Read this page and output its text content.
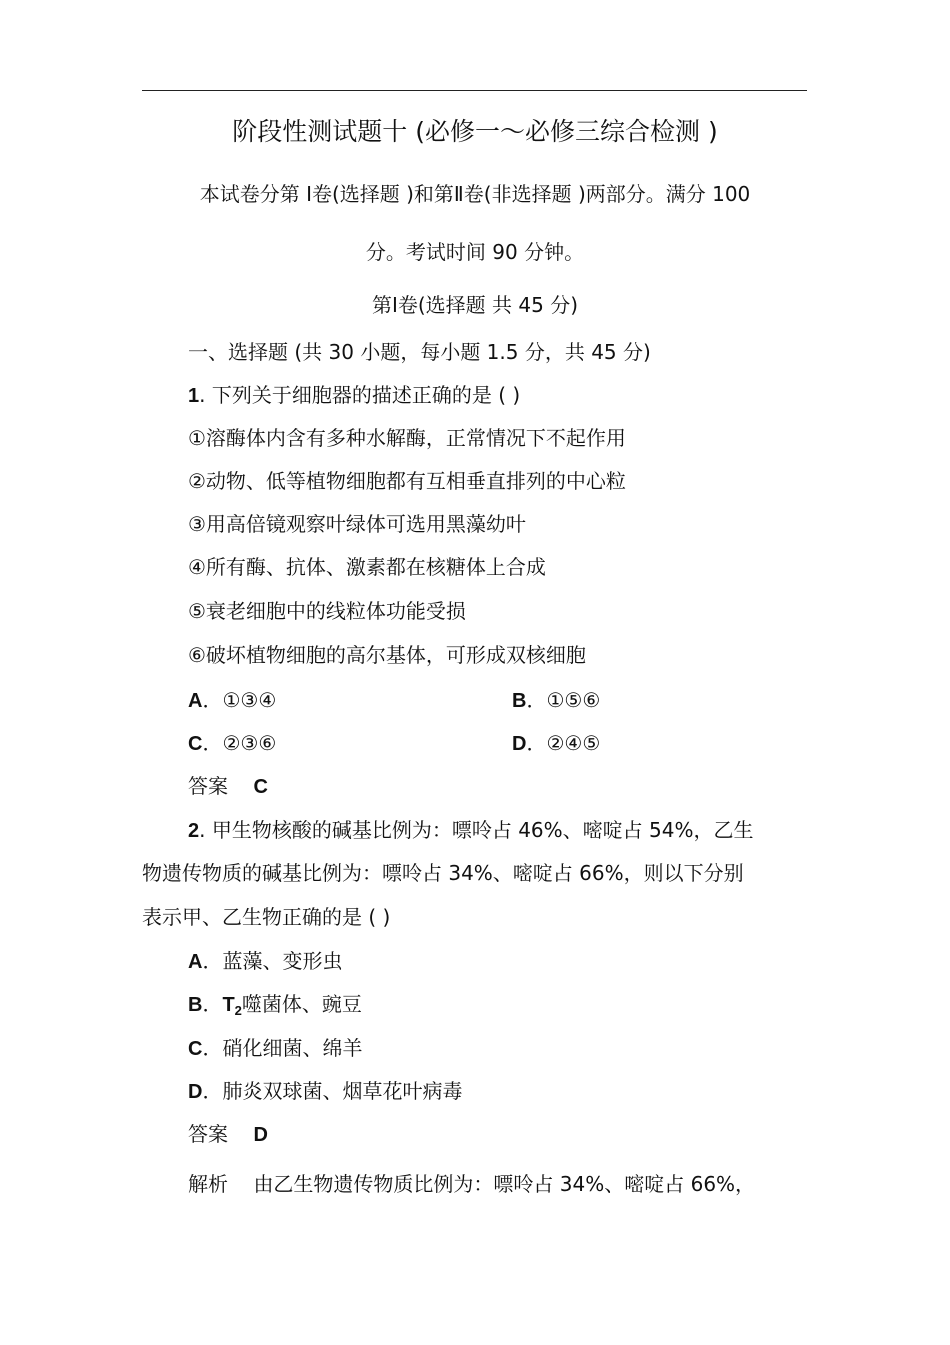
阶段性测试题十 (必修一～必修三综合检测 )
本试卷分第 Ⅰ卷(选择题 )和第Ⅱ卷(非选择题 )两部分。满分 100
分。考试时间 90 分钟。
第Ⅰ卷(选择题 共 45 分)
一、选择题 (共 30 小题，每小题 1.5 分，共 45 分)
1. 下列关于细胞器的描述正确的是 ( )
①溶酶体内含有多种水解酶，正常情况下不起作用
②动物、低等植物细胞都有互相垂直排列的中心粒
③用高倍镜观察叶绿体可选用黑藻幼叶
④所有酶、抗体、激素都在核糖体上合成
⑤衰老细胞中的线粒体功能受损
⑥破坏植物细胞的高尔基体，可形成双核细胞
A．①③④	B．①⑤⑥
C．②③⑥	D．②④⑤
答案 C
2. 甲生物核酸的碱基比例为：嘌呤占 46%、嘧啶占 54%，乙生
物遗传物质的碱基比例为：嘌呤占 34%、嘧啶占 66%，则以下分别
表示甲、乙生物正确的是 ( )
A．蓝藻、变形虫
B．$T_2$噬菌体、豌豆
C．硝化细菌、绵羊
D．肺炎双球菌、烟草花叶病毒
答案 D
解析 由乙生物遗传物质比例为：嘌呤占 34%、嘧啶占 66%，
